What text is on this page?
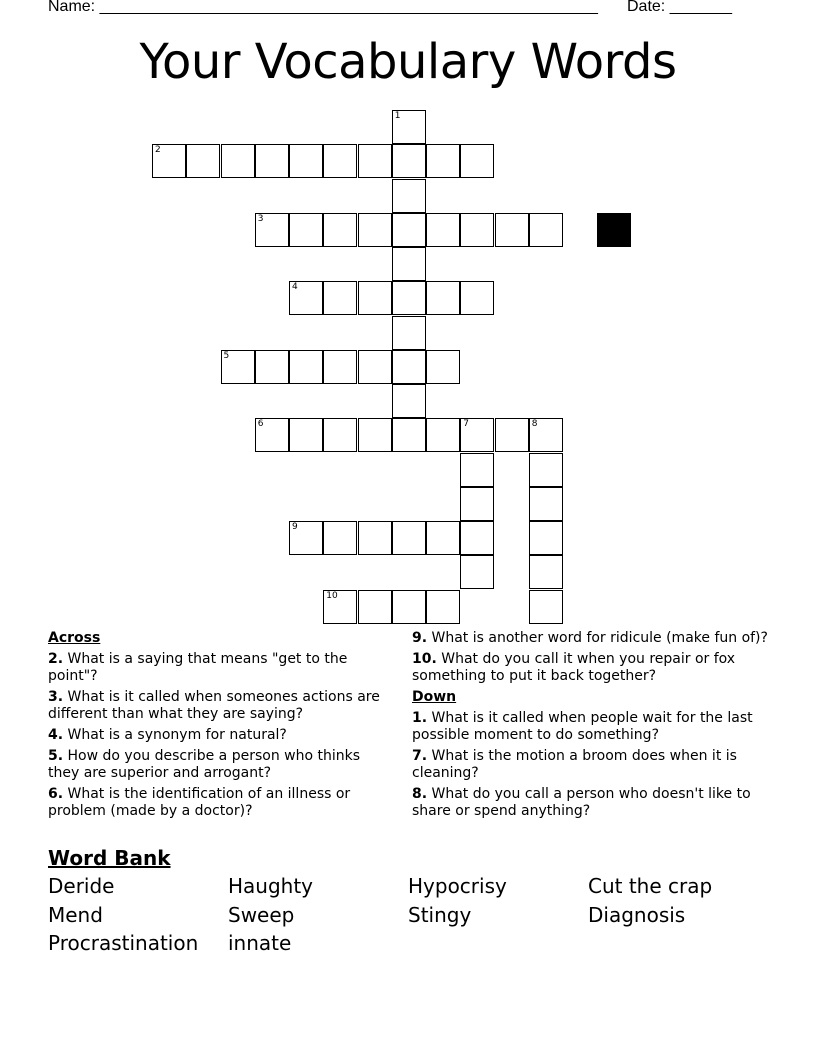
Name: ________________________________________________________ Date: _______
Your Vocabulary Words
1
2
3
4
5
6	7	8
9
10
Across
2. What is a saying that means "get to the point"?
3. What is it called when someones actions are different than what they are saying?
4. What is a synonym for natural?
5. How do you describe a person who thinks they are superior and arrogant?
6. What is the identification of an illness or problem (made by a doctor)?
9. What is another word for ridicule (make fun of)?
10. What do you call it when you repair or fox something to put it back together?
Down
1. What is it called when people wait for the last possible moment to do something?
7. What is the motion a broom does when it is cleaning?
8. What do you call a person who doesn't like to share or spend anything?
Word Bank
Deride	Haughty	Hypocrisy	Cut the crap
Mend	Sweep	Stingy	Diagnosis
Procrastination innate
